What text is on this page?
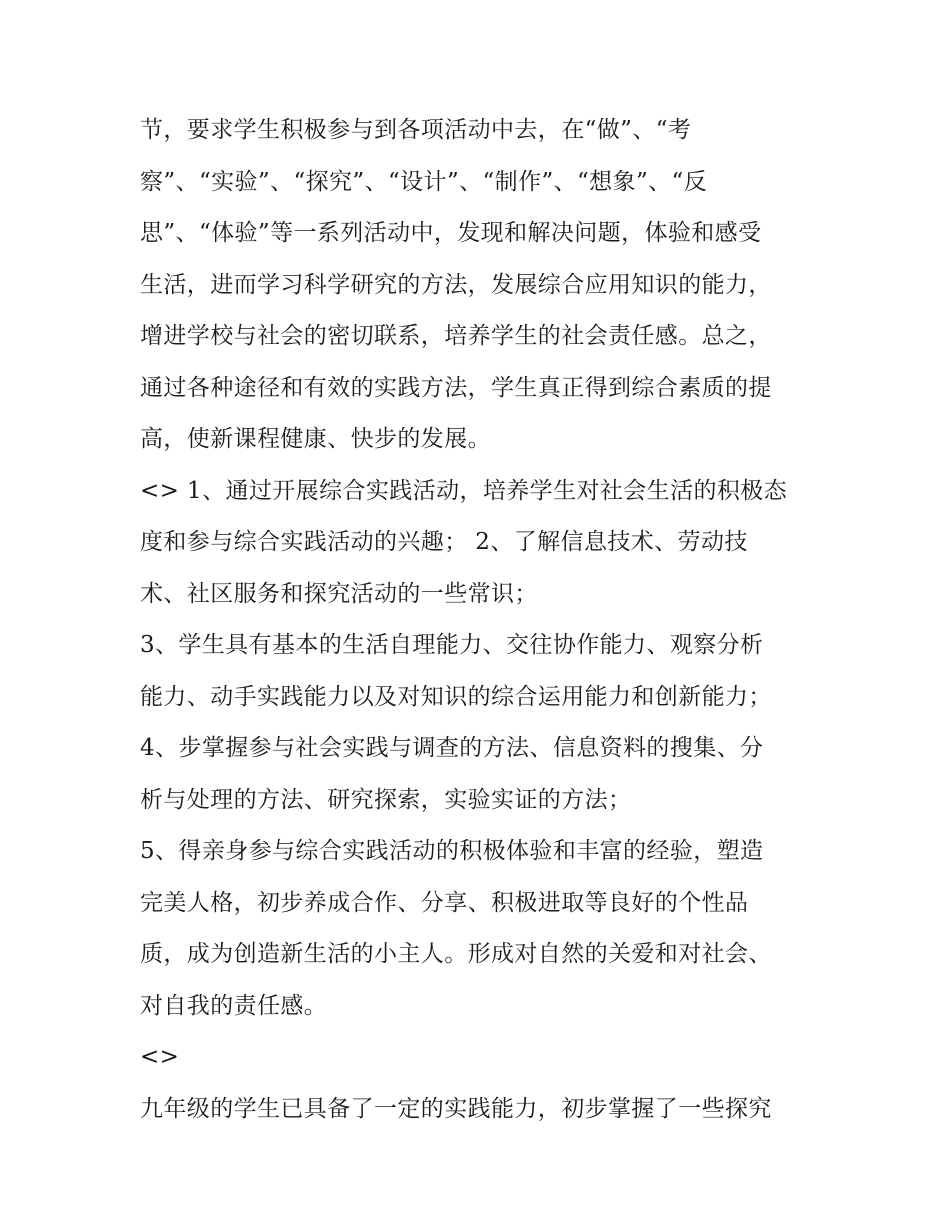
节，要求学生积极参与到各项活动中去，在“做”、“考
察”、“实验”、“探究”、“设计”、“制作”、“想象”、“反
思”、“体验”等一系列活动中，发现和解决问题，体验和感受
生活，进而学习科学研究的方法，发展综合应用知识的能力，
增进学校与社会的密切联系，培养学生的社会责任感。总之，
通过各种途径和有效的实践方法，学生真正得到综合素质的提
高，使新课程健康、快步的发展。
<> 1、通过开展综合实践活动，培养学生对社会生活的积极态
度和参与综合实践活动的兴趣； 2、了解信息技术、劳动技
术、社区服务和探究活动的一些常识；
3、学生具有基本的生活自理能力、交往协作能力、观察分析
能力、动手实践能力以及对知识的综合运用能力和创新能力；
4、步掌握参与社会实践与调查的方法、信息资料的搜集、分
析与处理的方法、研究探索，实验实证的方法；
5、得亲身参与综合实践活动的积极体验和丰富的经验，塑造
完美人格，初步养成合作、分享、积极进取等良好的个性品
质，成为创造新生活的小主人。形成对自然的关爱和对社会、
对自我的责任感。
<>
九年级的学生已具备了一定的实践能力，初步掌握了一些探究
